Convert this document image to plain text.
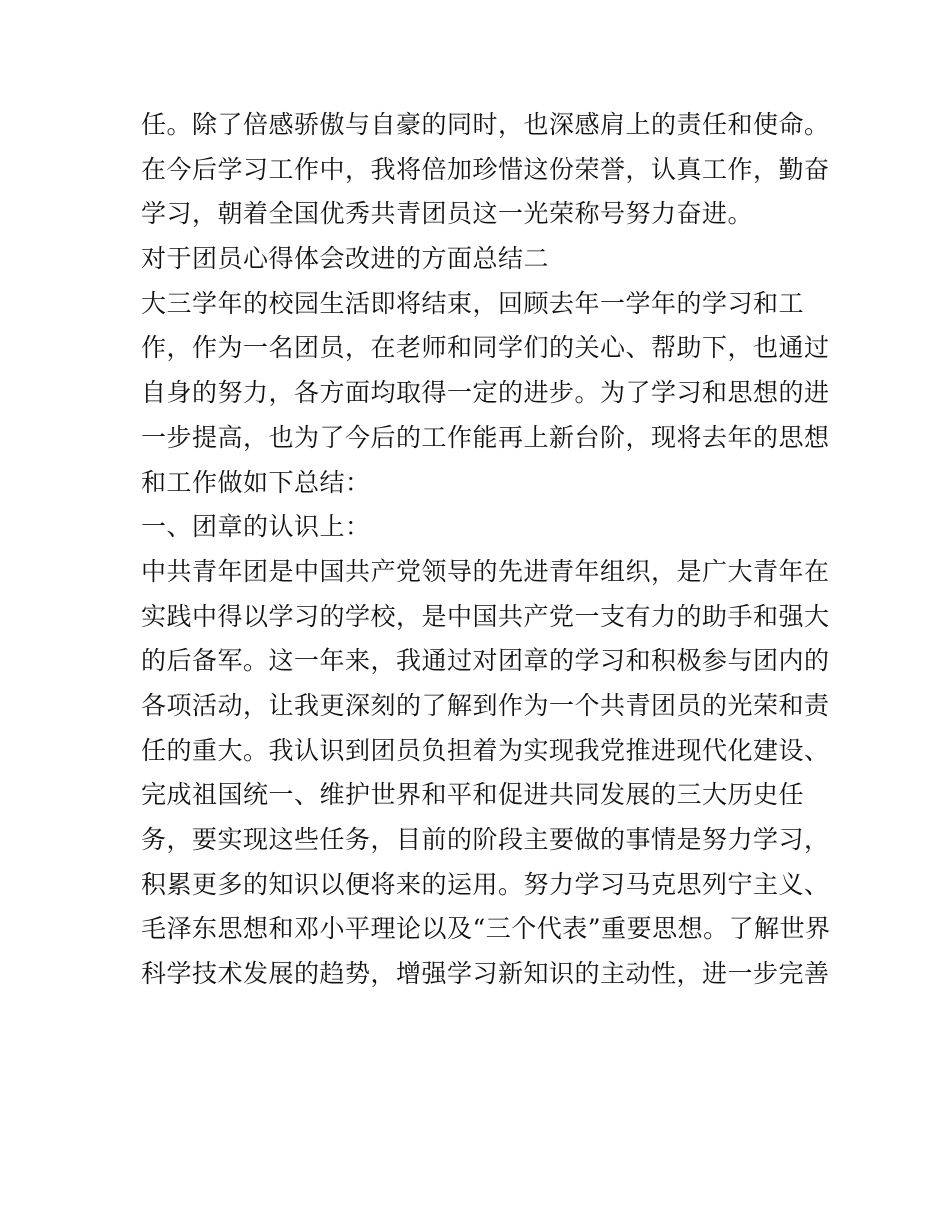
任。除了倍感骄傲与自豪的同时，也深感肩上的责任和使命。
在今后学习工作中，我将倍加珍惜这份荣誉，认真工作，勤奋
学习，朝着全国优秀共青团员这一光荣称号努力奋进。
对于团员心得体会改进的方面总结二
大三学年的校园生活即将结束，回顾去年一学年的学习和工
作，作为一名团员，在老师和同学们的关心、帮助下，也通过
自身的努力，各方面均取得一定的进步。为了学习和思想的进
一步提高，也为了今后的工作能再上新台阶，现将去年的思想
和工作做如下总结：
一、团章的认识上：
中共青年团是中国共产党领导的先进青年组织，是广大青年在
实践中得以学习的学校，是中国共产党一支有力的助手和强大
的后备军。这一年来，我通过对团章的学习和积极参与团内的
各项活动，让我更深刻的了解到作为一个共青团员的光荣和责
任的重大。我认识到团员负担着为实现我党推进现代化建设、
完成祖国统一、维护世界和平和促进共同发展的三大历史任
务，要实现这些任务，目前的阶段主要做的事情是努力学习，
积累更多的知识以便将来的运用。努力学习马克思列宁主义、
毛泽东思想和邓小平理论以及“三个代表”重要思想。了解世界
科学技术发展的趋势，增强学习新知识的主动性，进一步完善
